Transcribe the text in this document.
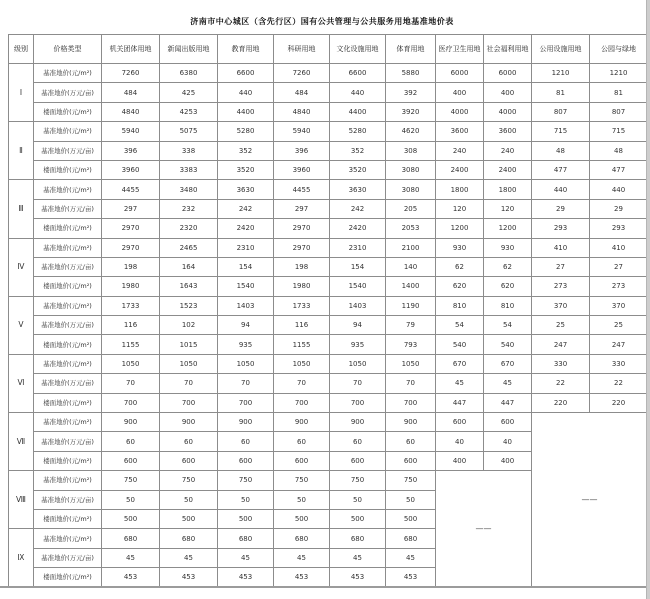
济南市中心城区（含先行区）国有公共管理与公共服务用地基准地价表
级别	价格类型	机关团体用地	新闻出版用地	教育用地	科研用地	文化设施用地	体育用地	医疗卫生用地	社会福利用地	公用设施用地	公园与绿地
Ⅰ	基准地价(元/m²)	7260	6380	6600	7260	6600	5880	6000	6000	1210	1210
	基准地价(万元/亩)	484	425	440	484	440	392	400	400	81	81
	楼面地价(元/m²)	4840	4253	4400	4840	4400	3920	4000	4000	807	807
Ⅱ	基准地价(元/m²)	5940	5075	5280	5940	5280	4620	3600	3600	715	715
	基准地价(万元/亩)	396	338	352	396	352	308	240	240	48	48
	楼面地价(元/m²)	3960	3383	3520	3960	3520	3080	2400	2400	477	477
Ⅲ	基准地价(元/m²)	4455	3480	3630	4455	3630	3080	1800	1800	440	440
	基准地价(万元/亩)	297	232	242	297	242	205	120	120	29	29
	楼面地价(元/m²)	2970	2320	2420	2970	2420	2053	1200	1200	293	293
Ⅳ	基准地价(元/m²)	2970	2465	2310	2970	2310	2100	930	930	410	410
	基准地价(万元/亩)	198	164	154	198	154	140	62	62	27	27
	楼面地价(元/m²)	1980	1643	1540	1980	1540	1400	620	620	273	273
Ⅴ	基准地价(元/m²)	1733	1523	1403	1733	1403	1190	810	810	370	370
	基准地价(万元/亩)	116	102	94	116	94	79	54	54	25	25
	楼面地价(元/m²)	1155	1015	935	1155	935	793	540	540	247	247
Ⅵ	基准地价(元/m²)	1050	1050	1050	1050	1050	1050	670	670	330	330
	基准地价(万元/亩)	70	70	70	70	70	70	45	45	22	22
	楼面地价(元/m²)	700	700	700	700	700	700	447	447	220	220
Ⅶ	基准地价(元/m²)	900	900	900	900	900	900	600	600	——	
	基准地价(万元/亩)	60	60	60	60	60	60	40	40		
	楼面地价(元/m²)	600	600	600	600	600	600	400	400		
Ⅷ	基准地价(元/m²)	750	750	750	750	750	750	——			
	基准地价(万元/亩)	50	50	50	50	50	50				
	楼面地价(元/m²)	500	500	500	500	500	500				
Ⅸ	基准地价(元/m²)	680	680	680	680	680	680				
	基准地价(万元/亩)	45	45	45	45	45	45				
	楼面地价(元/m²)	453	453	453	453	453	453				
